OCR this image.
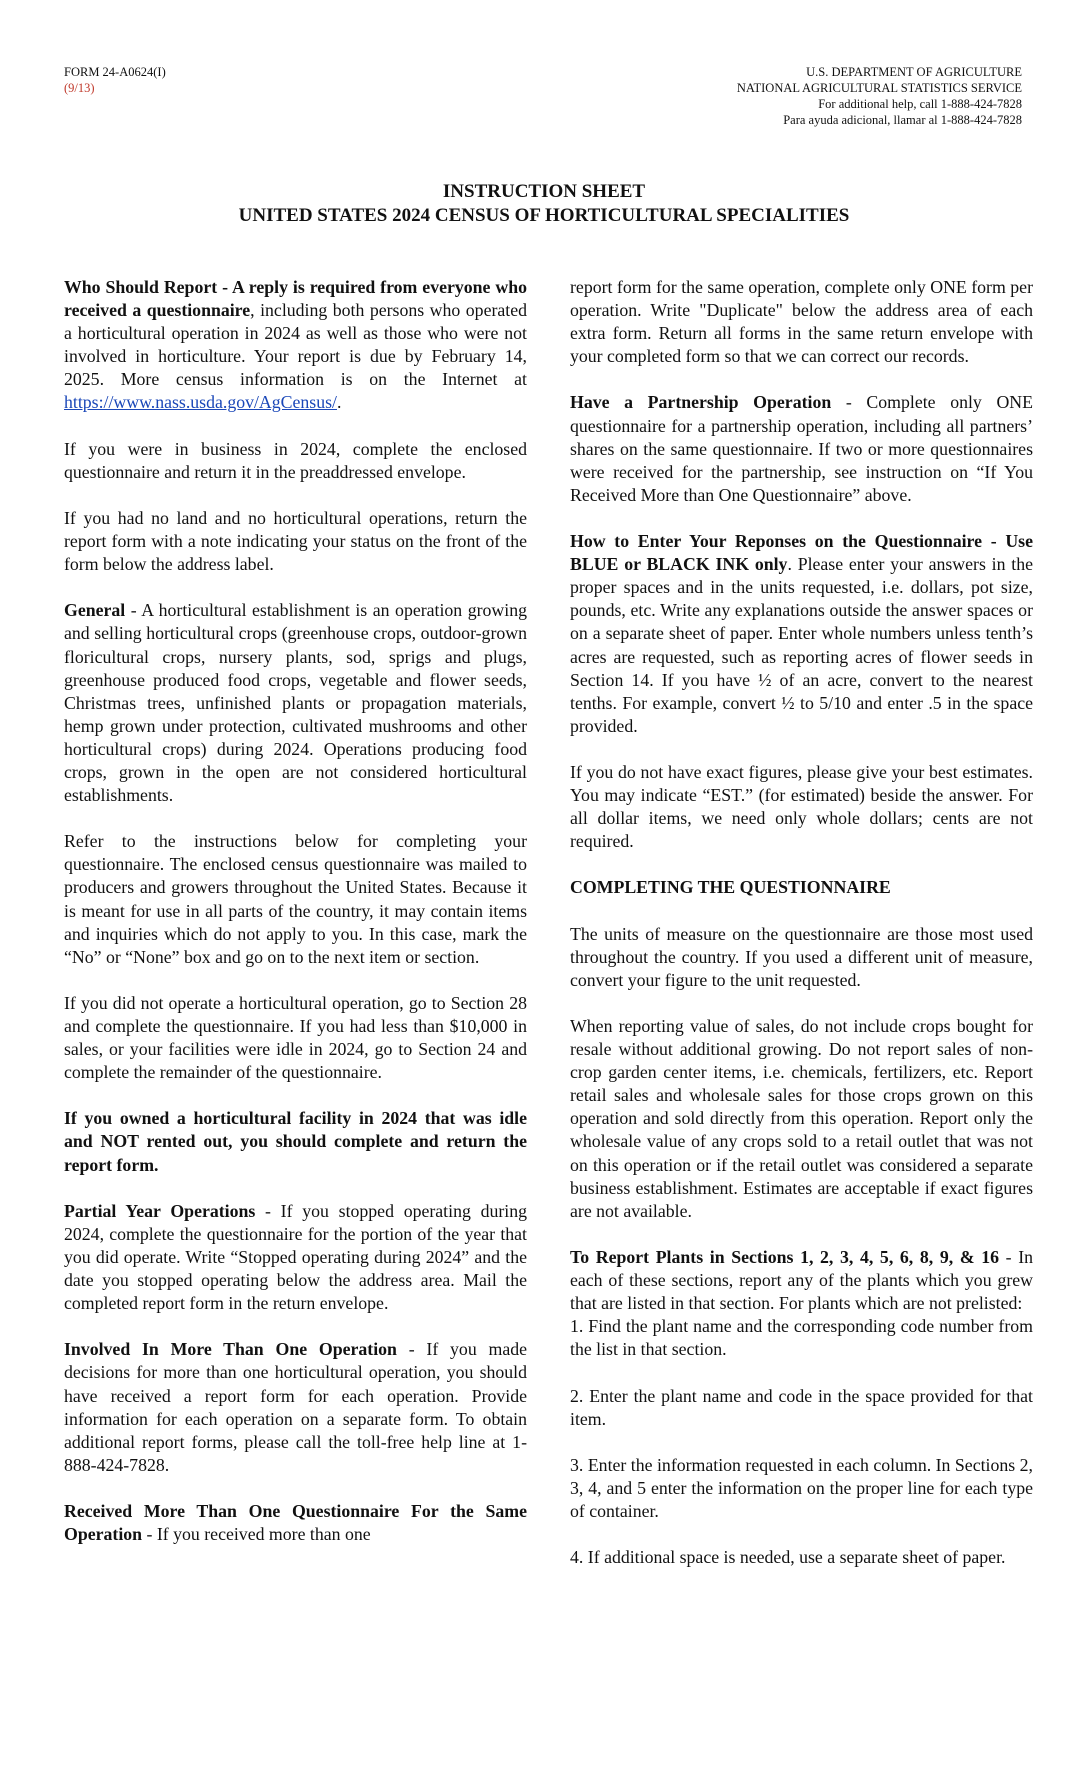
FORM 24-A0624(I)
(9/13)
U.S. DEPARTMENT OF AGRICULTURE
NATIONAL AGRICULTURAL STATISTICS SERVICE
For additional help, call 1-888-424-7828
Para ayuda adicional, llamar al 1-888-424-7828
INSTRUCTION SHEET
UNITED STATES 2024 CENSUS OF HORTICULTURAL SPECIALITIES

Who Should Report - A reply is required from everyone who received a questionnaire, including both persons who operated a horticultural operation in 2024 as well as those who were not involved in horticulture. Your report is due by February 14, 2025. More census information is on the Internet at https://www.nass.usda.gov/AgCensus/.

If you were in business in 2024, complete the enclosed questionnaire and return it in the preaddressed envelope.

If you had no land and no horticultural operations, return the report form with a note indicating your status on the front of the form below the address label.

General - A horticultural establishment is an operation growing and selling horticultural crops (greenhouse crops, outdoor-grown floricultural crops, nursery plants, sod, sprigs and plugs, greenhouse produced food crops, vegetable and flower seeds, Christmas trees, unfinished plants or propagation materials, hemp grown under protection, cultivated mushrooms and other horticultural crops) during 2024. Operations producing food crops, grown in the open are not considered horticultural establishments.

Refer to the instructions below for completing your questionnaire. The enclosed census questionnaire was mailed to producers and growers throughout the United States. Because it is meant for use in all parts of the country, it may contain items and inquiries which do not apply to you. In this case, mark the “No” or “None” box and go on to the next item or section.

If you did not operate a horticultural operation, go to Section 28 and complete the questionnaire. If you had less than $10,000 in sales, or your facilities were idle in 2024, go to Section 24 and complete the remainder of the questionnaire.

If you owned a horticultural facility in 2024 that was idle and NOT rented out, you should complete and return the report form.

Partial Year Operations - If you stopped operating during 2024, complete the questionnaire for the portion of the year that you did operate. Write “Stopped operating during 2024” and the date you stopped operating below the address area. Mail the completed report form in the return envelope.

Involved In More Than One Operation - If you made decisions for more than one horticultural operation, you should have received a report form for each operation. Provide information for each operation on a separate form. To obtain additional report forms, please call the toll-free help line at 1-888-424-7828.

Received More Than One Questionnaire For the Same Operation - If you received more than one

report form for the same operation, complete only ONE form per operation. Write "Duplicate" below the address area of each extra form. Return all forms in the same return envelope with your completed form so that we can correct our records.

Have a Partnership Operation - Complete only ONE questionnaire for a partnership operation, including all partners’ shares on the same questionnaire. If two or more questionnaires were received for the partnership, see instruction on “If You Received More than One Questionnaire” above.

How to Enter Your Reponses on the Questionnaire - Use BLUE or BLACK INK only. Please enter your answers in the proper spaces and in the units requested, i.e. dollars, pot size, pounds, etc. Write any explanations outside the answer spaces or on a separate sheet of paper. Enter whole numbers unless tenth’s acres are requested, such as reporting acres of flower seeds in Section 14. If you have ½ of an acre, convert to the nearest tenths. For example, convert ½ to 5/10 and enter .5 in the space provided.

If you do not have exact figures, please give your best estimates. You may indicate “EST.” (for estimated) beside the answer. For all dollar items, we need only whole dollars; cents are not required.

COMPLETING THE QUESTIONNAIRE

The units of measure on the questionnaire are those most used throughout the country. If you used a different unit of measure, convert your figure to the unit requested.

When reporting value of sales, do not include crops bought for resale without additional growing. Do not report sales of non-crop garden center items, i.e. chemicals, fertilizers, etc. Report retail sales and wholesale sales for those crops grown on this operation and sold directly from this operation. Report only the wholesale value of any crops sold to a retail outlet that was not on this operation or if the retail outlet was considered a separate business establishment. Estimates are acceptable if exact figures are not available.

To Report Plants in Sections 1, 2, 3, 4, 5, 6, 8, 9, & 16 - In each of these sections, report any of the plants which you grew that are listed in that section. For plants which are not prelisted:

1. Find the plant name and the corresponding code number from the list in that section.

2. Enter the plant name and code in the space provided for that item.

3. Enter the information requested in each column. In Sections 2, 3, 4, and 5 enter the information on the proper line for each type of container.

4. If additional space is needed, use a separate sheet of paper.
